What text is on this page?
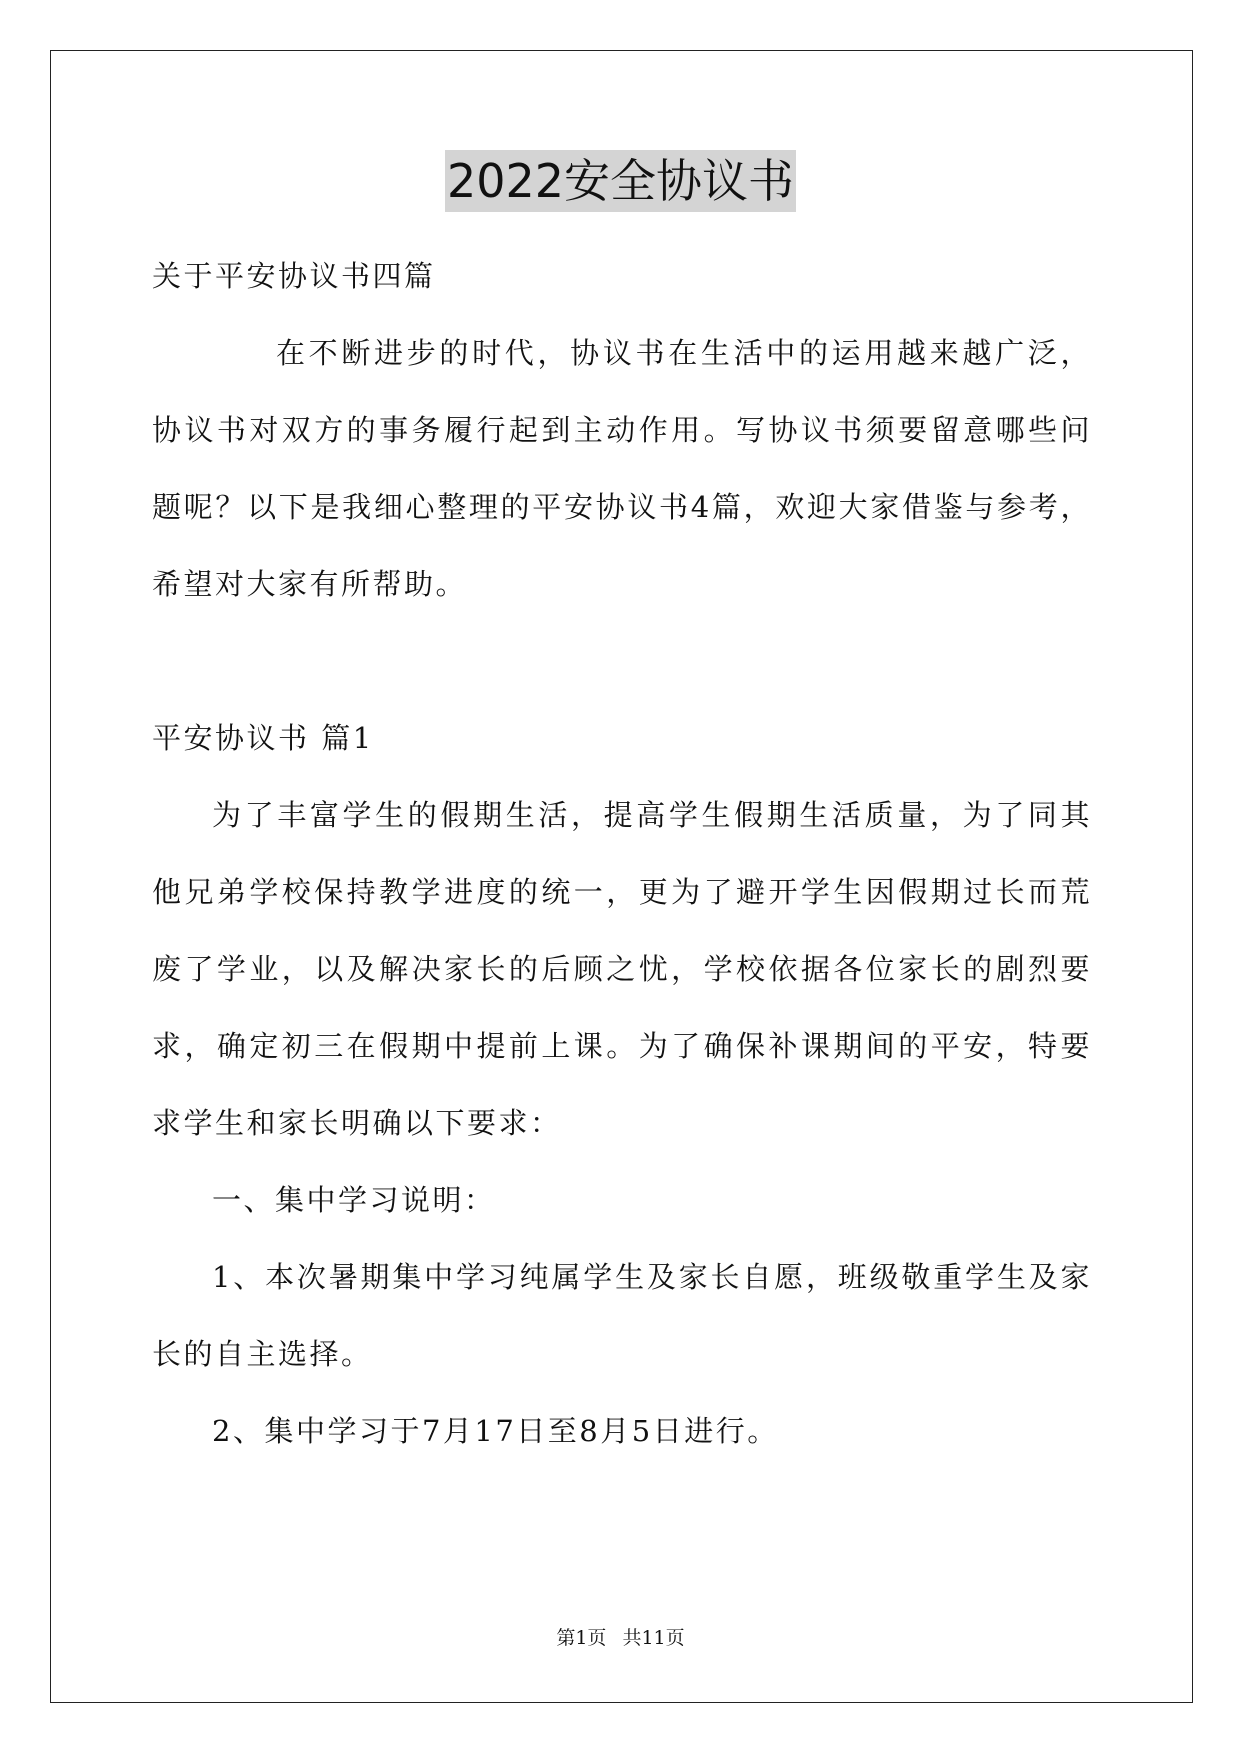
2022安全协议书

关于平安协议书四篇

在不断进步的时代，协议书在生活中的运用越来越广泛，协议书对双方的事务履行起到主动作用。写协议书须要留意哪些问题呢？以下是我细心整理的平安协议书4篇，欢迎大家借鉴与参考，希望对大家有所帮助。

平安协议书 篇1

为了丰富学生的假期生活，提高学生假期生活质量，为了同其他兄弟学校保持教学进度的统一，更为了避开学生因假期过长而荒废了学业，以及解决家长的后顾之忧，学校依据各位家长的剧烈要求，确定初三在假期中提前上课。为了确保补课期间的平安，特要求学生和家长明确以下要求：

一、集中学习说明：

1、本次暑期集中学习纯属学生及家长自愿，班级敬重学生及家长的自主选择。

2、集中学习于7月17日至8月5日进行。

第1页 共11页
